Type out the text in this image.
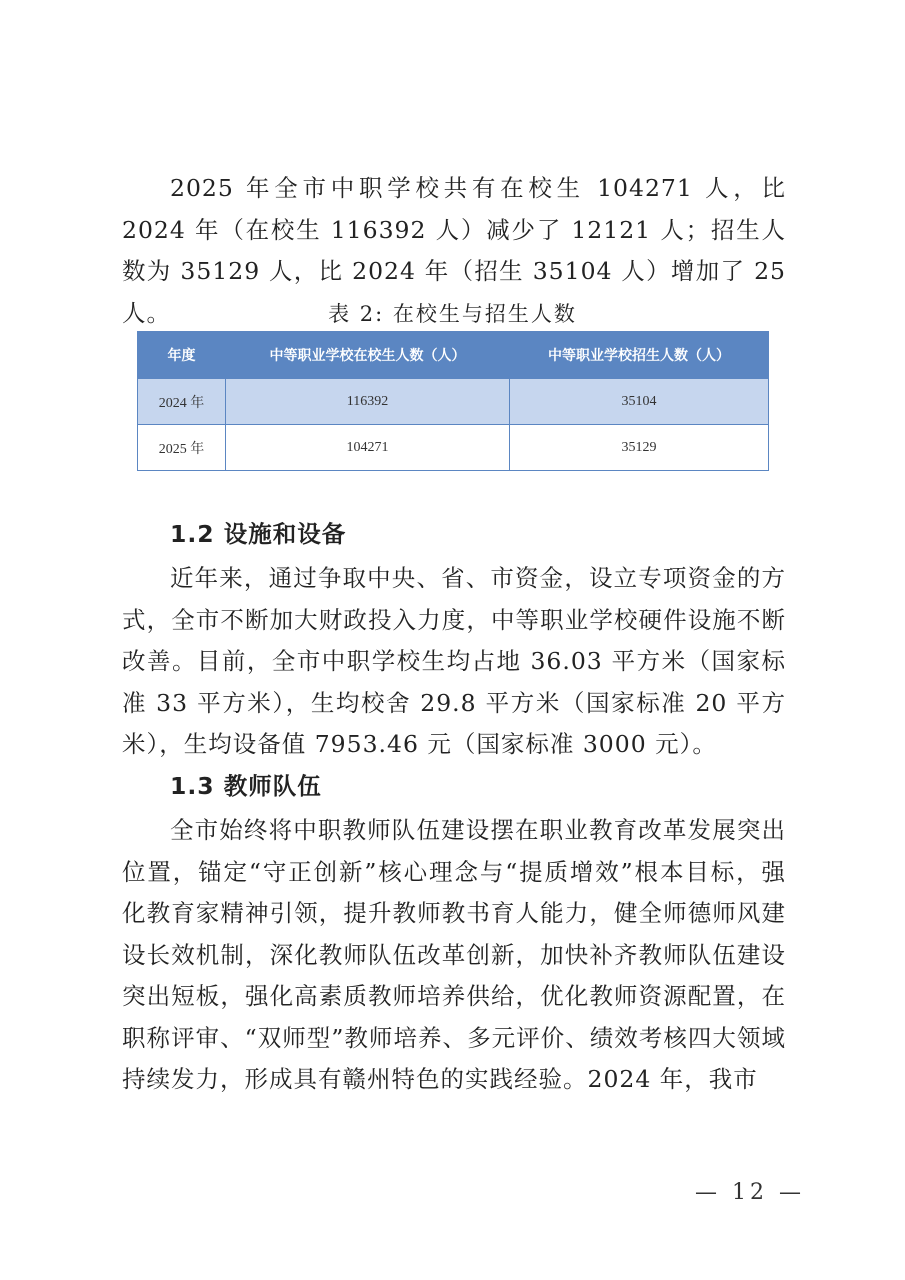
2025 年全市中职学校共有在校生 104271 人，比 2024 年（在校生 116392 人）减少了 12121 人；招生人数为 35129 人，比 2024 年（招生 35104 人）增加了 25 人。	表 2: 在校生与招生人数
年度	中等职业学校在校生人数（人）	中等职业学校招生人数（人）
2024 年	116392	35104
2025 年	104271	35129
1.2 设施和设备

近年来，通过争取中央、省、市资金，设立专项资金的方式，全市不断加大财政投入力度，中等职业学校硬件设施不断改善。目前，全市中职学校生均占地 36.03 平方米（国家标准 33 平方米），生均校舍 29.8 平方米（国家标准 20 平方米），生均设备值 7953.46 元（国家标准 3000 元）。

1.3 教师队伍

全市始终将中职教师队伍建设摆在职业教育改革发展突出位置，锚定“守正创新”核心理念与“提质增效”根本目标，强化教育家精神引领，提升教师教书育人能力，健全师德师风建设长效机制，深化教师队伍改革创新，加快补齐教师队伍建设突出短板，强化高素质教师培养供给，优化教师资源配置，在职称评审、“双师型”教师培养、多元评价、绩效考核四大领域持续发力，形成具有赣州特色的实践经验。2024 年，我市

— 12 —
